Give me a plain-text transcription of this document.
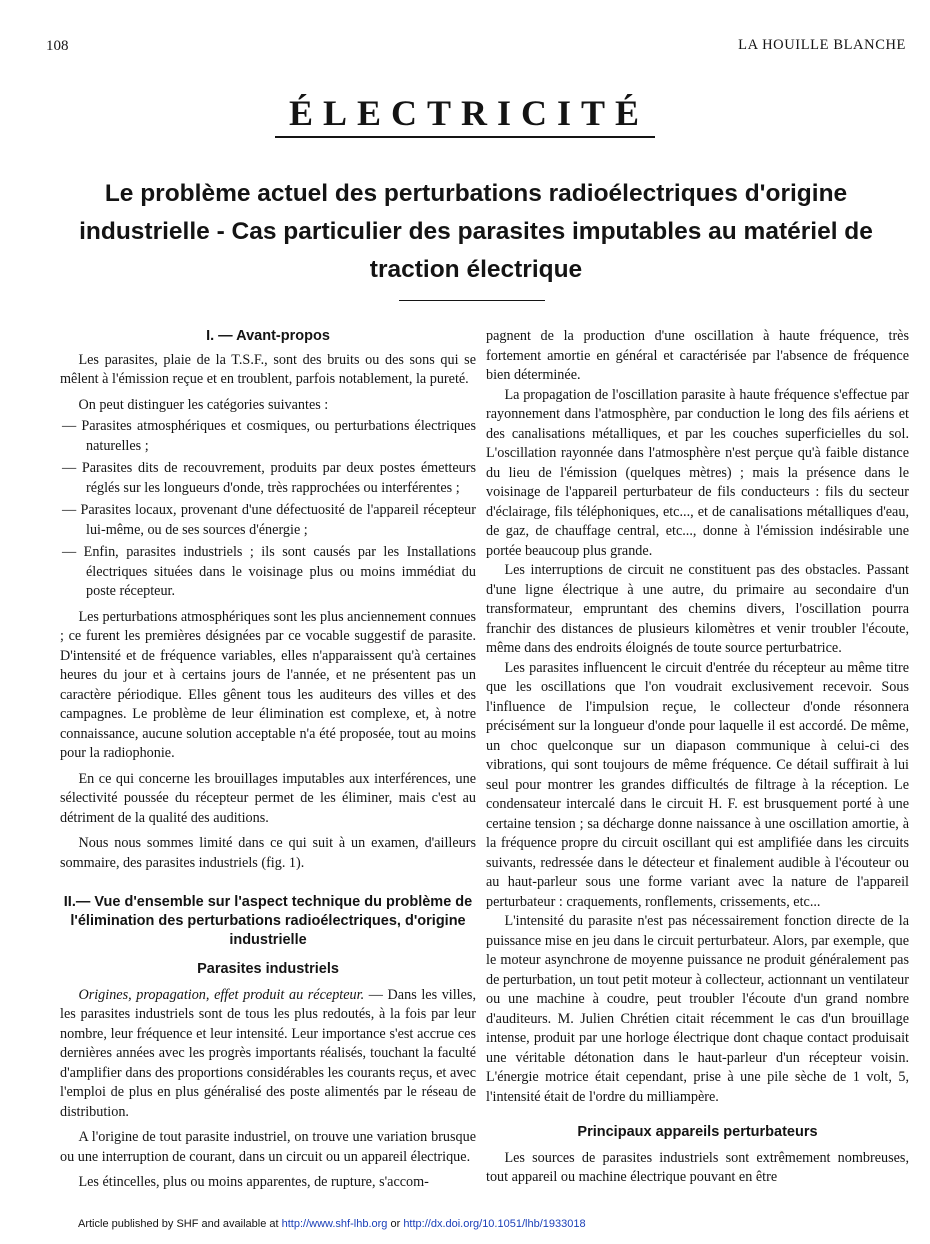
108	LA HOUILLE BLANCHE
ÉLECTRICITÉ
Le problème actuel des perturbations radioélectriques d'origine industrielle - Cas particulier des parasites imputables au matériel de traction électrique
I. — Avant-propos

Les parasites, plaie de la T.S.F., sont des bruits ou des sons qui se mêlent à l'émission reçue et en troublent, parfois notablement, la pureté.

On peut distinguer les catégories suivantes :

— Parasites atmosphériques et cosmiques, ou perturbations électriques naturelles ;
— Parasites dits de recouvrement, produits par deux postes émetteurs réglés sur les longueurs d'onde, très rapprochées ou interférentes ;
— Parasites locaux, provenant d'une défectuosité de l'appareil récepteur lui-même, ou de ses sources d'énergie ;
— Enfin, parasites industriels ; ils sont causés par les Installations électriques situées dans le voisinage plus ou moins immédiat du poste récepteur.

Les perturbations atmosphériques sont les plus anciennement connues ; ce furent les premières désignées par ce vocable suggestif de parasite. D'intensité et de fréquence variables, elles n'apparaissent qu'à certaines heures du jour et à certains jours de l'année, et ne présentent pas un caractère périodique. Elles gênent tous les auditeurs des villes et des campagnes. Le problème de leur élimination est complexe, et, à notre connaissance, aucune solution acceptable n'a été proposée, tout au moins pour la radiophonie.

En ce qui concerne les brouillages imputables aux interférences, une sélectivité poussée du récepteur permet de les éliminer, mais c'est au détriment de la qualité des auditions.

Nous nous sommes limité dans ce qui suit à un examen, d'ailleurs sommaire, des parasites industriels (fig. 1).

II.— Vue d'ensemble sur l'aspect technique du problème de l'élimination des perturbations radioélectriques, d'origine industrielle
Parasites industriels

Origines, propagation, effet produit au récepteur. — Dans les villes, les parasites industriels sont de tous les plus redoutés, à la fois par leur nombre, leur fréquence et leur intensité. Leur importance s'est accrue ces dernières années avec les progrès importants réalisés, touchant la faculté d'amplifier dans des proportions considérables les courants reçus, et avec l'emploi de plus en plus généralisé des poste alimentés par le réseau de distribution.

A l'origine de tout parasite industriel, on trouve une variation brusque ou une interruption de courant, dans un circuit ou un appareil électrique.

Les étincelles, plus ou moins apparentes, de rupture, s'accom-

pagnent de la production d'une oscillation à haute fréquence, très fortement amortie en général et caractérisée par l'absence de fréquence bien déterminée.

La propagation de l'oscillation parasite à haute fréquence s'effectue par rayonnement dans l'atmosphère, par conduction le long des fils aériens et des canalisations métalliques, et par les couches superficielles du sol. L'oscillation rayonnée dans l'atmosphère n'est perçue qu'à faible distance du lieu de l'émission (quelques mètres) ; mais la présence dans le voisinage de l'appareil perturbateur de fils conducteurs : fils du secteur d'éclairage, fils téléphoniques, etc..., et de canalisations métalliques d'eau, de gaz, de chauffage central, etc..., donne à l'émission indésirable une portée beaucoup plus grande.

Les interruptions de circuit ne constituent pas des obstacles. Passant d'une ligne électrique à une autre, du primaire au secondaire d'un transformateur, empruntant des chemins divers, l'oscillation pourra franchir des distances de plusieurs kilomètres et venir troubler l'écoute, même dans des endroits éloignés de toute source perturbatrice.

Les parasites influencent le circuit d'entrée du récepteur au même titre que les oscillations que l'on voudrait exclusivement recevoir. Sous l'influence de l'impulsion reçue, le collecteur d'onde résonnera précisément sur la longueur d'onde pour laquelle il est accordé. De même, un choc quelconque sur un diapason communique à celui-ci des vibrations, qui sont toujours de même fréquence. Ce détail suffirait à lui seul pour montrer les grandes difficultés de filtrage à la réception. Le condensateur intercalé dans le circuit H. F. est brusquement porté à une certaine tension ; sa décharge donne naissance à une oscillation amortie, à la fréquence propre du circuit oscillant qui est amplifiée dans les circuits suivants, redressée dans le détecteur et finalement audible à l'écouteur ou au haut-parleur sous une forme variant avec la nature de l'appareil perturbateur : craquements, ronflements, crissements, etc...

L'intensité du parasite n'est pas nécessairement fonction directe de la puissance mise en jeu dans le circuit perturbateur. Alors, par exemple, que le moteur asynchrone de moyenne puissance ne produit généralement pas de perturbation, un tout petit moteur à collecteur, actionnant un ventilateur ou une machine à coudre, peut troubler l'écoute d'un grand nombre d'auditeurs. M. Julien Chrétien citait récemment le cas d'un brouillage intense, produit par une horloge électrique dont chaque contact produisait une véritable détonation dans le haut-parleur d'un récepteur voisin. L'énergie motrice était cependant, prise à une pile sèche de 1 volt, 5, l'intensité était de l'ordre du milliampère.

Principaux appareils perturbateurs

Les sources de parasites industriels sont extrêmement nombreuses, tout appareil ou machine électrique pouvant en être

Article published by SHF and available at http://www.shf-lhb.org or http://dx.doi.org/10.1051/lhb/1933018
